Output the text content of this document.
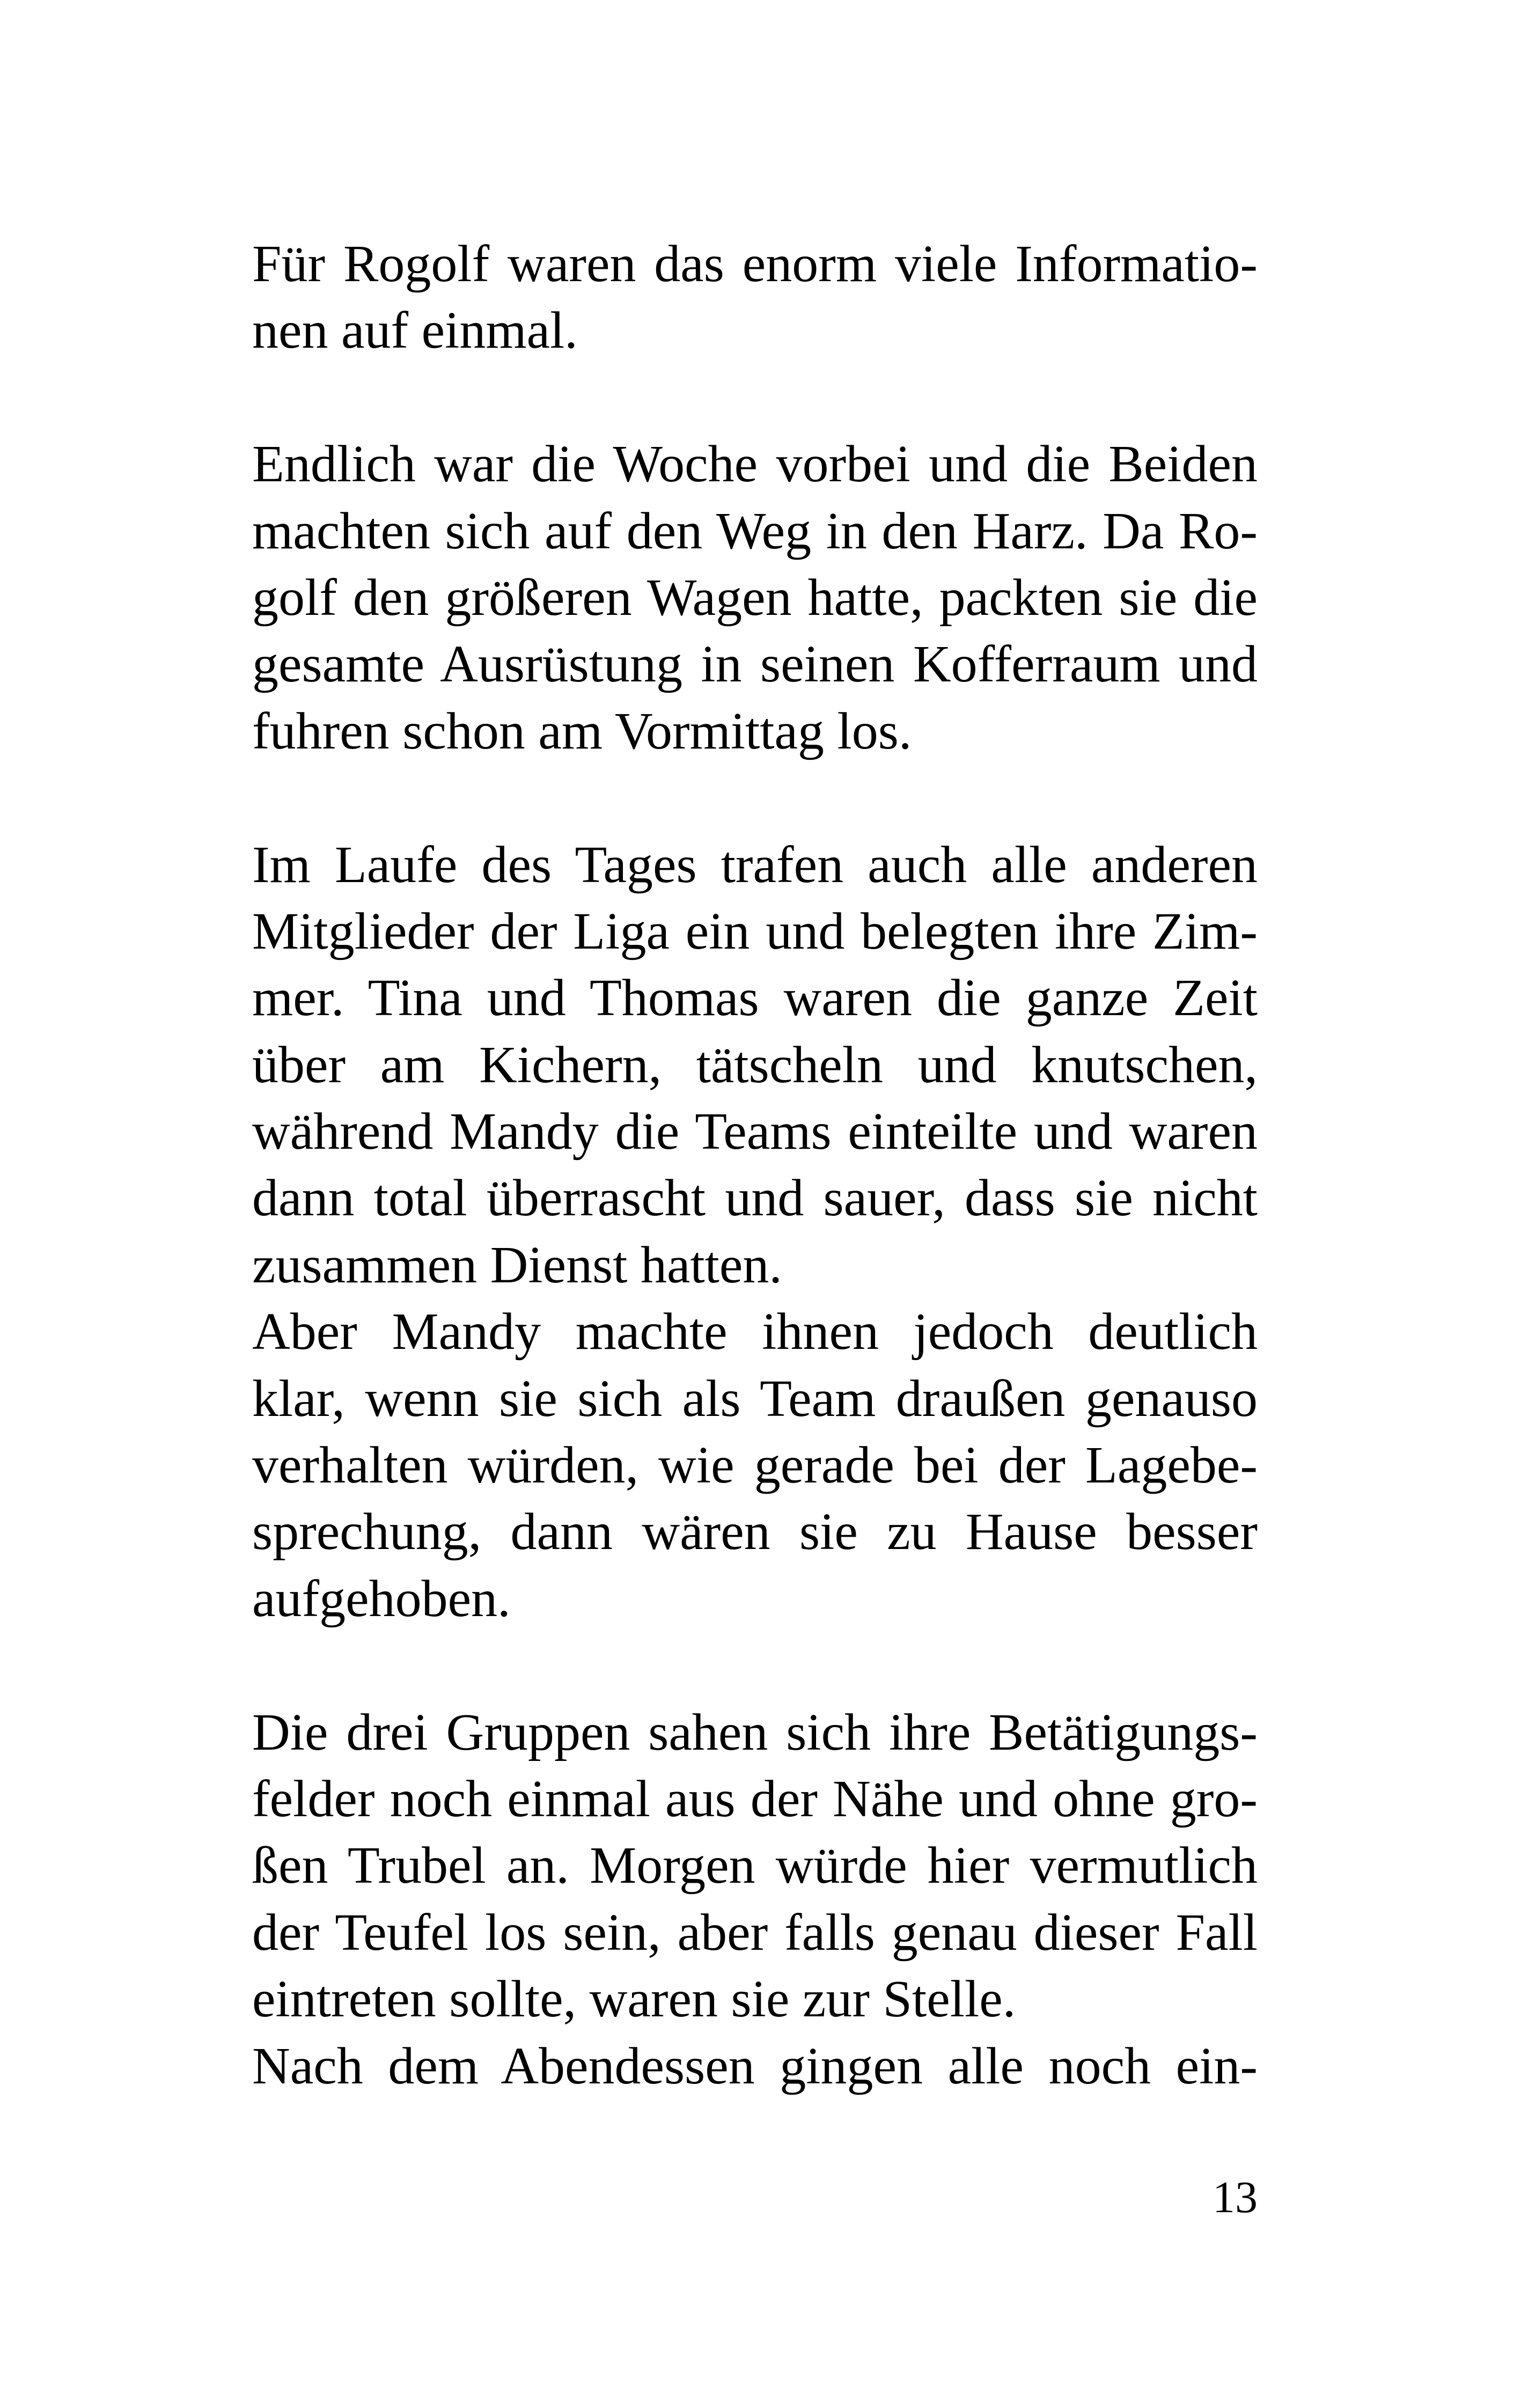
Für Rogolf waren das enorm viele Informatio-
nen auf einmal.
Endlich war die Woche vorbei und die Beiden
machten sich auf den Weg in den Harz. Da Ro-
golf den größeren Wagen hatte, packten sie die
gesamte Ausrüstung in seinen Kofferraum und
fuhren schon am Vormittag los.
Im Laufe des Tages trafen auch alle anderen
Mitglieder der Liga ein und belegten ihre Zim-
mer. Tina und Thomas waren die ganze Zeit
über am Kichern, tätscheln und knutschen,
während Mandy die Teams einteilte und waren
dann total überrascht und sauer, dass sie nicht
zusammen Dienst hatten.
Aber Mandy machte ihnen jedoch deutlich
klar, wenn sie sich als Team draußen genauso
verhalten würden, wie gerade bei der Lagebe-
sprechung, dann wären sie zu Hause besser
aufgehoben.
Die drei Gruppen sahen sich ihre Betätigungs-
felder noch einmal aus der Nähe und ohne gro-
ßen Trubel an. Morgen würde hier vermutlich
der Teufel los sein, aber falls genau dieser Fall
eintreten sollte, waren sie zur Stelle.
Nach dem Abendessen gingen alle noch ein-
13
